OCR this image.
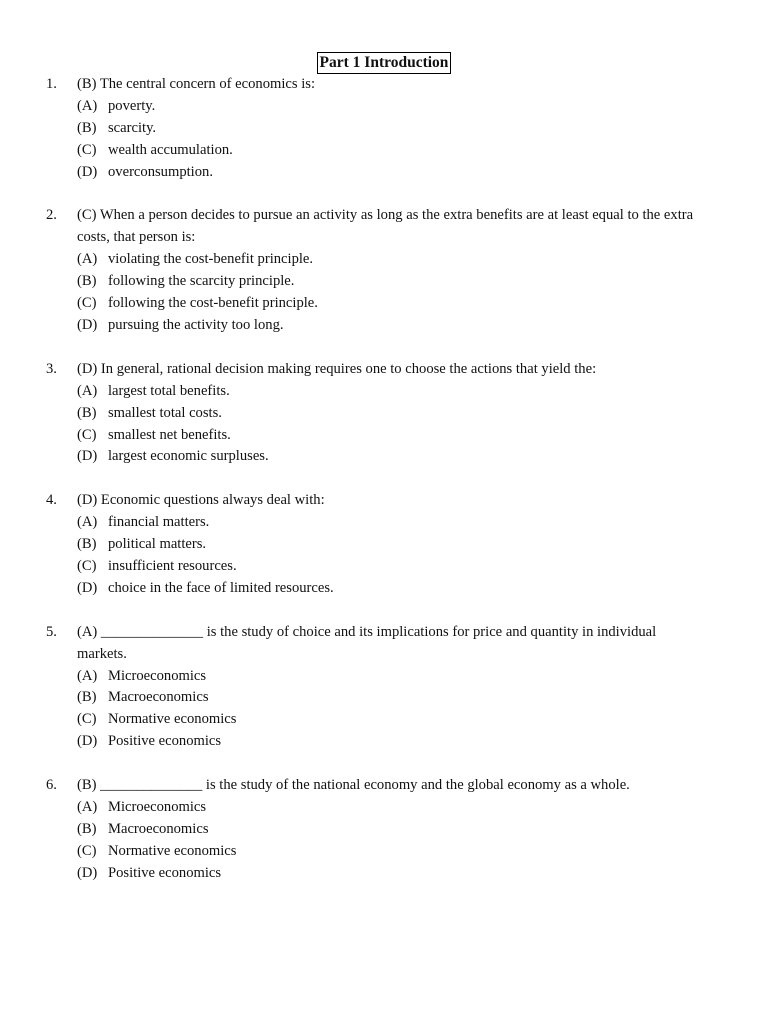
Part 1 Introduction
1. (B) The central concern of economics is:
(A) poverty.
(B) scarcity.
(C) wealth accumulation.
(D) overconsumption.
2. (C) When a person decides to pursue an activity as long as the extra benefits are at least equal to the extra costs, that person is:
(A) violating the cost-benefit principle.
(B) following the scarcity principle.
(C) following the cost-benefit principle.
(D) pursuing the activity too long.
3. (D) In general, rational decision making requires one to choose the actions that yield the:
(A) largest total benefits.
(B) smallest total costs.
(C) smallest net benefits.
(D) largest economic surpluses.
4. (D) Economic questions always deal with:
(A) financial matters.
(B) political matters.
(C) insufficient resources.
(D) choice in the face of limited resources.
5. (A) ______________ is the study of choice and its implications for price and quantity in individual markets.
(A) Microeconomics
(B) Macroeconomics
(C) Normative economics
(D) Positive economics
6. (B) ______________ is the study of the national economy and the global economy as a whole.
(A) Microeconomics
(B) Macroeconomics
(C) Normative economics
(D) Positive economics
